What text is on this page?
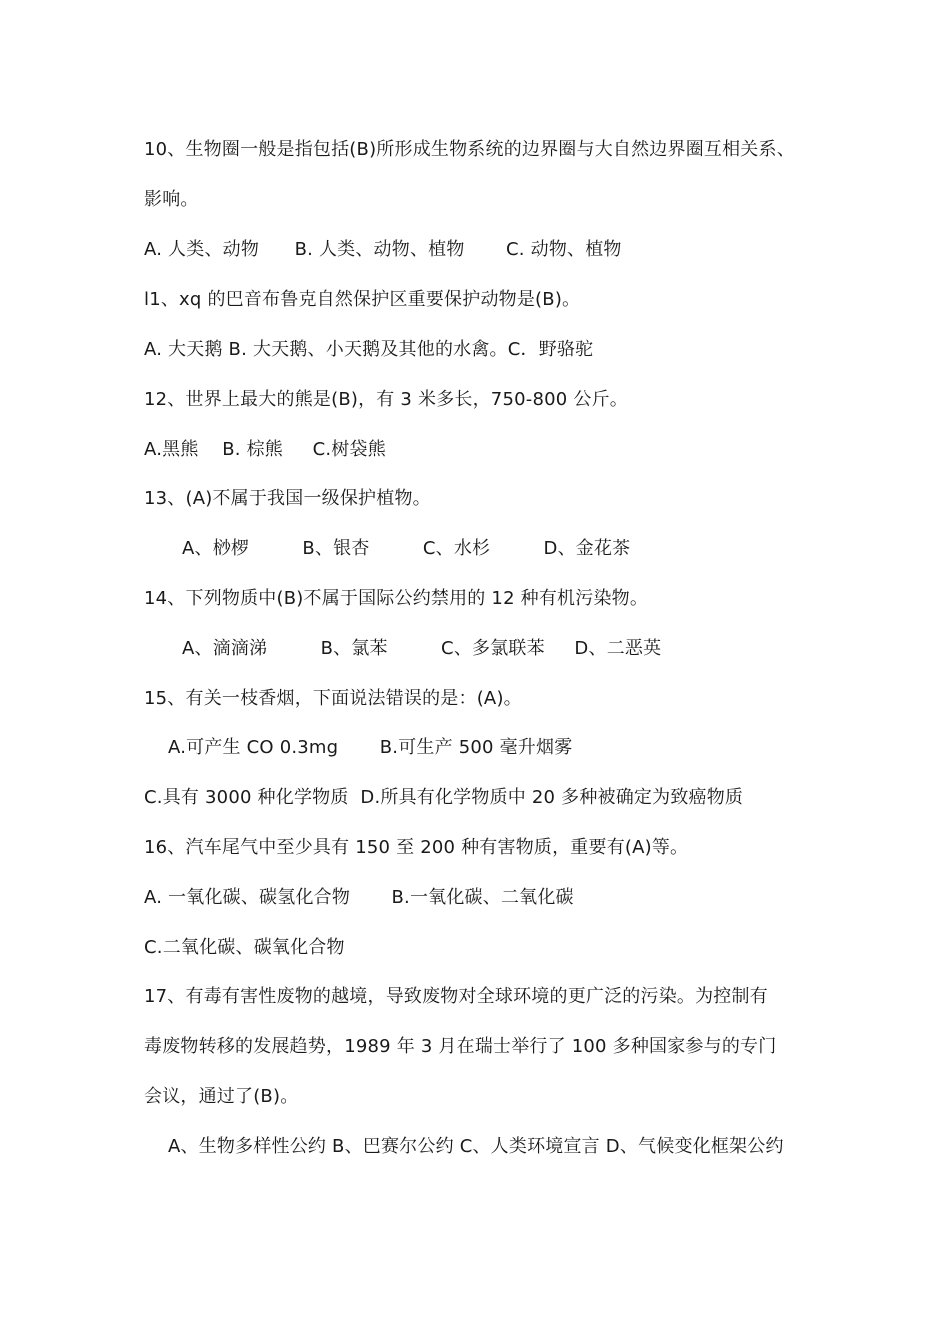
10、生物圈一般是指包括(B)所形成生物系统的边界圈与大自然边界圈互相关系、
影响。
A. 人类、动物      B. 人类、动物、植物       C. 动物、植物
l1、xq 的巴音布鲁克自然保护区重要保护动物是(B)。
A. 大天鹅 B. 大天鹅、小天鹅及其他的水禽。C．野骆驼
12、世界上最大的熊是(B)，有 3 米多长，750-800 公斤。
A.黑熊    B. 棕熊     C.树袋熊
13、(A)不属于我国一级保护植物。
A、桫椤         B、银杏         C、水杉         D、金花茶
14、下列物质中(B)不属于国际公约禁用的 12 种有机污染物。
A、滴滴涕         B、氯苯         C、多氯联苯     D、二恶英
15、有关一枝香烟，下面说法错误的是：(A)。
A.可产生 CO 0.3mg       B.可生产 500 毫升烟雾
C.具有 3000 种化学物质  D.所具有化学物质中 20 多种被确定为致癌物质
16、汽车尾气中至少具有 150 至 200 种有害物质，重要有(A)等。
A. 一氧化碳、碳氢化合物       B.一氧化碳、二氧化碳
C.二氧化碳、碳氧化合物
17、有毒有害性废物的越境，导致废物对全球环境的更广泛的污染。为控制有
毒废物转移的发展趋势，1989 年 3 月在瑞士举行了 100 多种国家参与的专门
会议，通过了(B)。
A、生物多样性公约 B、巴赛尔公约 C、人类环境宣言 D、气候变化框架公约
